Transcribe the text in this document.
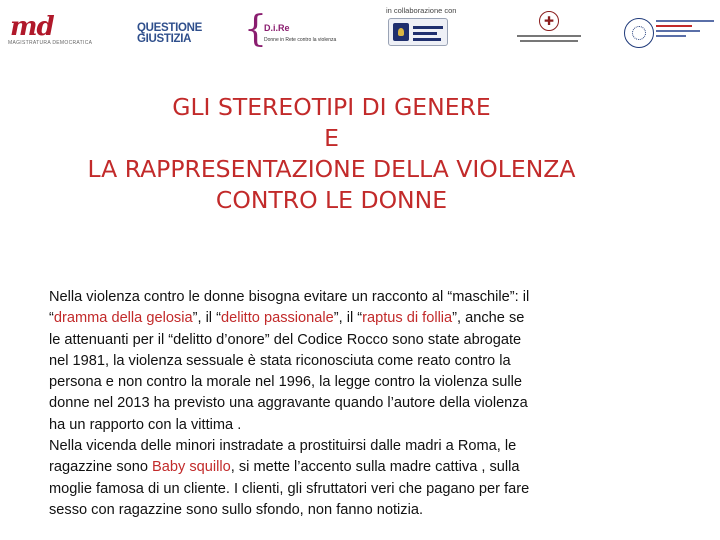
md
MAGISTRATURA DEMOCRATICA
QUESTIONE
GIUSTIZIA	{
D.i.Re
Donne in Rete contro la violenza
in collaborazione con
✚
GLI STEREOTIPI DI GENERE
E
LA RAPPRESENTAZIONE DELLA VIOLENZA
CONTRO LE DONNE
Nella violenza contro le donne bisogna evitare un racconto al “maschile”: il
“dramma della gelosia”, il “delitto passionale”, il “raptus di follia”, anche se
le attenuanti per il “delitto d’onore” del Codice Rocco sono state abrogate
nel 1981, la violenza sessuale è stata riconosciuta come reato contro la
persona e non contro la morale nel 1996, la legge contro la violenza sulle
donne nel 2013 ha previsto una aggravante quando l’autore della violenza
ha un rapporto con la vittima .
Nella vicenda delle minori instradate a prostituirsi dalle madri a Roma, le
ragazzine sono Baby squillo, si mette l’accento sulla madre cattiva , sulla
moglie famosa di un cliente. I clienti, gli sfruttatori veri che pagano per fare
sesso con ragazzine sono sullo sfondo, non fanno notizia.
